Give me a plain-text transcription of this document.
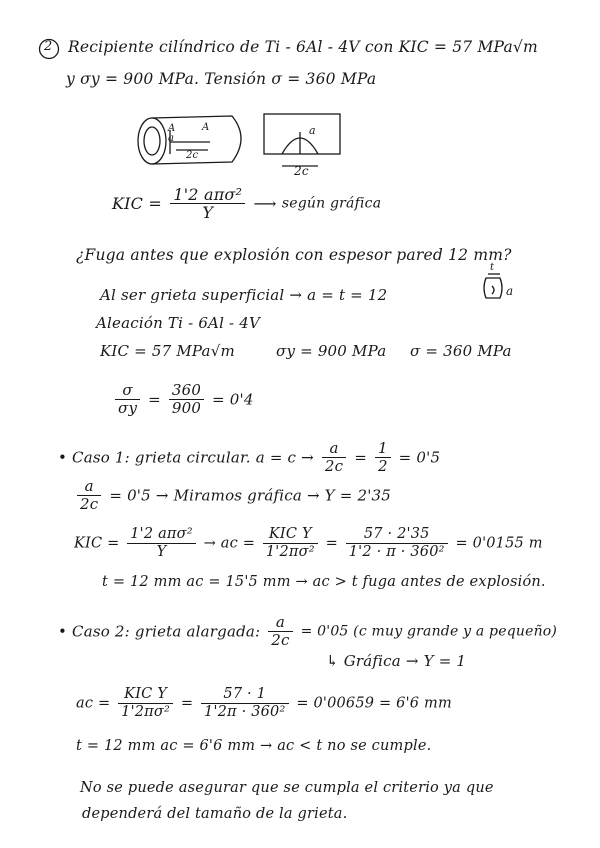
2 Recipiente cilíndrico de Ti - 6Al - 4V con KIC = 57 MPa√m
y σy = 900 MPa. Tensión σ = 360 MPa
A
a
A
2c
a
2c
KIC = $\frac{\text{1'2 aπσ²}}{Y}$ ⟶ según gráfica
¿Fuga antes que explosión con espesor pared 12 mm?
Al ser grieta superficial → a = t = 12
t
a
Aleación Ti - 6Al - 4V
KIC = 57 MPa√m	σy = 900 MPa σ = 360 MPa
$\frac{\sigma}{\sigma y} = \frac{360}{900} = 0'4$
• Caso 1: grieta circular. $a = c \to \frac{a}{2c} = \frac{1}{2} = 0'5$
$\frac{a}{2c} = 0'5$ → Miramos gráfica → Y = 2'35
KIC = $\frac{\text{1'2 aπσ²}}{Y}$ → ac = $\frac{\text{KIC Y}}{\text{1'2πσ²}} = \frac{57 \cdot 2'35}{\text{1'2 · π · 360²}} = 0'0155$ m
t = 12 mm ac = 15'5 mm → ac > t fuga antes de explosión.
• Caso 2: grieta alargada: $\frac{a}{2c} = 0'05$ (c muy grande y a pequeño)
↳ Gráfica → Y = 1
ac = $\frac{\text{KIC Y}}{\text{1'2πσ²}} = \frac{57 \cdot 1}{\text{1'2π · 360²}} = 0'00659 = 6'6$ mm
t = 12 mm ac = 6'6 mm → ac < t no se cumple.
No se puede asegurar que se cumpla el criterio ya que
dependerá del tamaño de la grieta.
